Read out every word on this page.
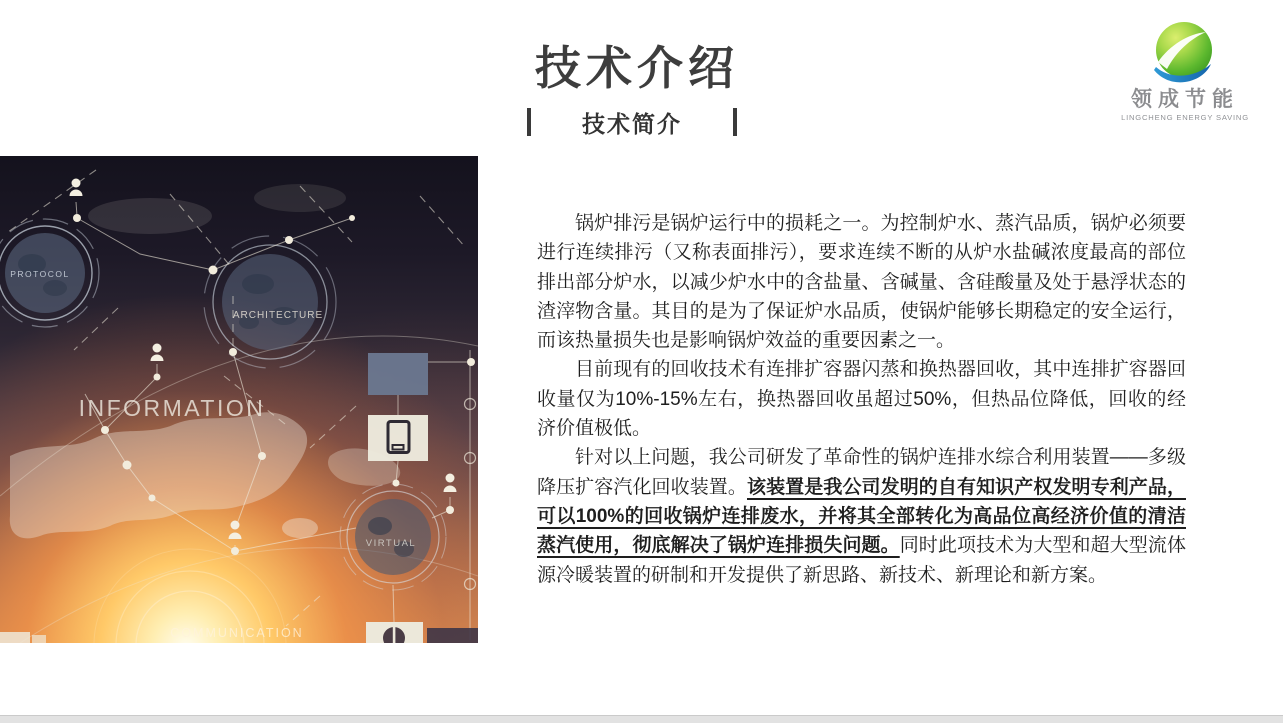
技术介绍
技术简介
领成节能
LINGCHENG ENERGY SAVING
PROTOCOL
ARCHITECTURE
VIRTUAL
INFORMATION
COMMUNICATION

锅炉排污是锅炉运行中的损耗之一。为控制炉水、蒸汽品质，锅炉必须要进行连续排污（又称表面排污），要求连续不断的从炉水盐碱浓度最高的部位排出部分炉水，以减少炉水中的含盐量、含碱量、含硅酸量及处于悬浮状态的渣滓物含量。其目的是为了保证炉水品质，使锅炉能够长期稳定的安全运行，而该热量损失也是影响锅炉效益的重要因素之一。

目前现有的回收技术有连排扩容器闪蒸和换热器回收，其中连排扩容器回收量仅为10%-15%左右，换热器回收虽超过50%，但热品位降低，回收的经济价值极低。

针对以上问题，我公司研发了革命性的锅炉连排水综合利用装置——多级降压扩容汽化回收装置。该装置是我公司发明的自有知识产权发明专利产品，可以100%的回收锅炉连排废水，并将其全部转化为高品位高经济价值的清洁蒸汽使用，彻底解决了锅炉连排损失问题。同时此项技术为大型和超大型流体源冷暖装置的研制和开发提供了新思路、新技术、新理论和新方案。
